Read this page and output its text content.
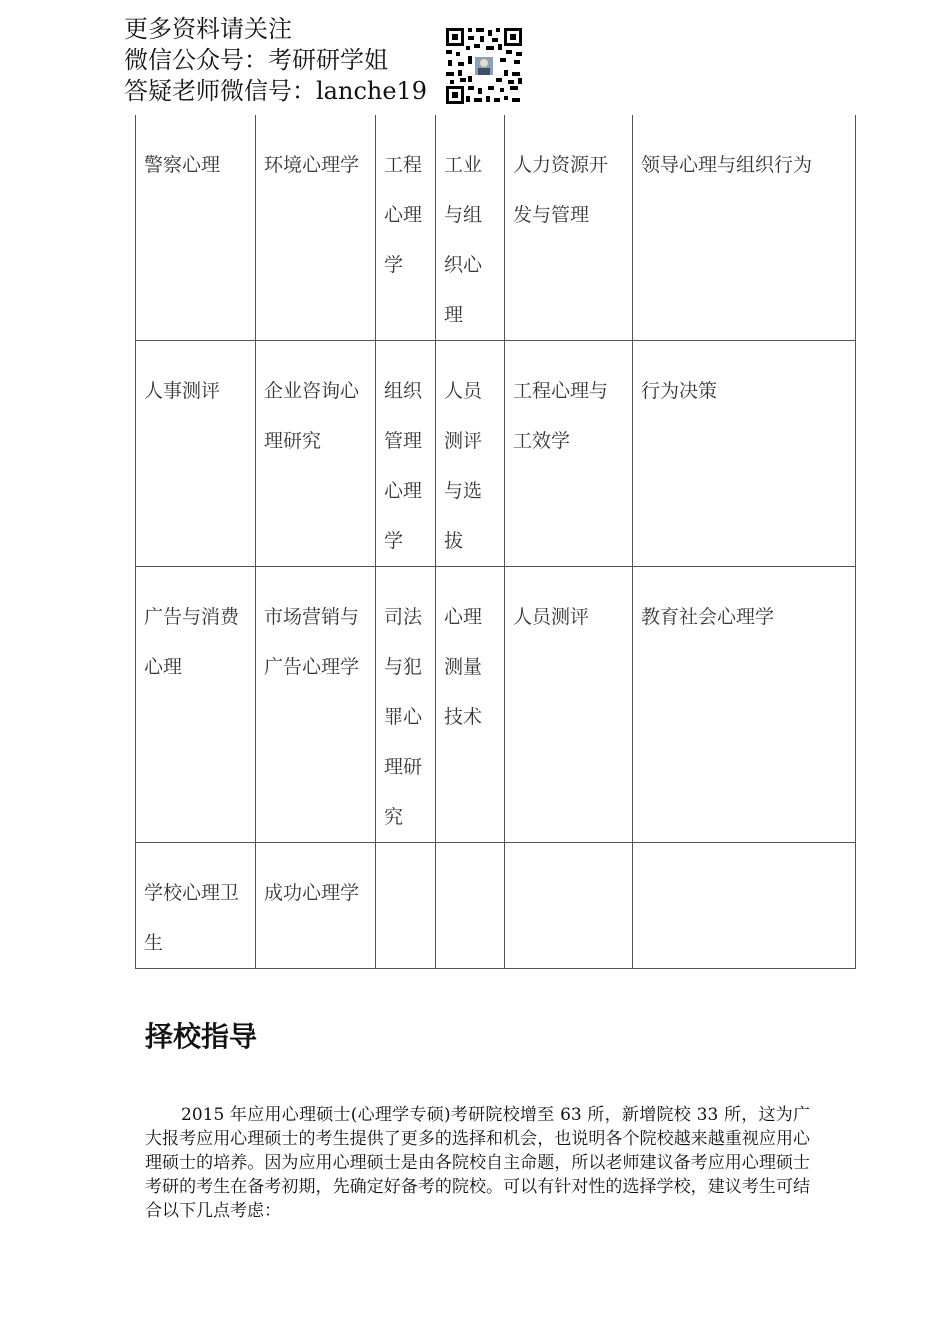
更多资料请关注
微信公众号：考研研学姐
答疑老师微信号：lanche19
警察心理	环境心理学	工程心理学	工业与组织心理	人力资源开发与管理	领导心理与组织行为

人事测评	企业咨询心理研究	组织管理心理学	人员测评与选拔	工程心理与工效学	行为决策

广告与消费心理	市场营销与广告心理学	司法与犯罪心理研究	心理测量技术	人员测评	教育社会心理学

学校心理卫生	成功心理学				

择校指导

2015 年应用心理硕士(心理学专硕)考研院校增至 63 所，新增院校 33 所，这为广大报考应用心理硕士的考生提供了更多的选择和机会，也说明各个院校越来越重视应用心理硕士的培养。因为应用心理硕士是由各院校自主命题，所以老师建议备考应用心理硕士考研的考生在备考初期，先确定好备考的院校。可以有针对性的选择学校，建议考生可结合以下几点考虑：
